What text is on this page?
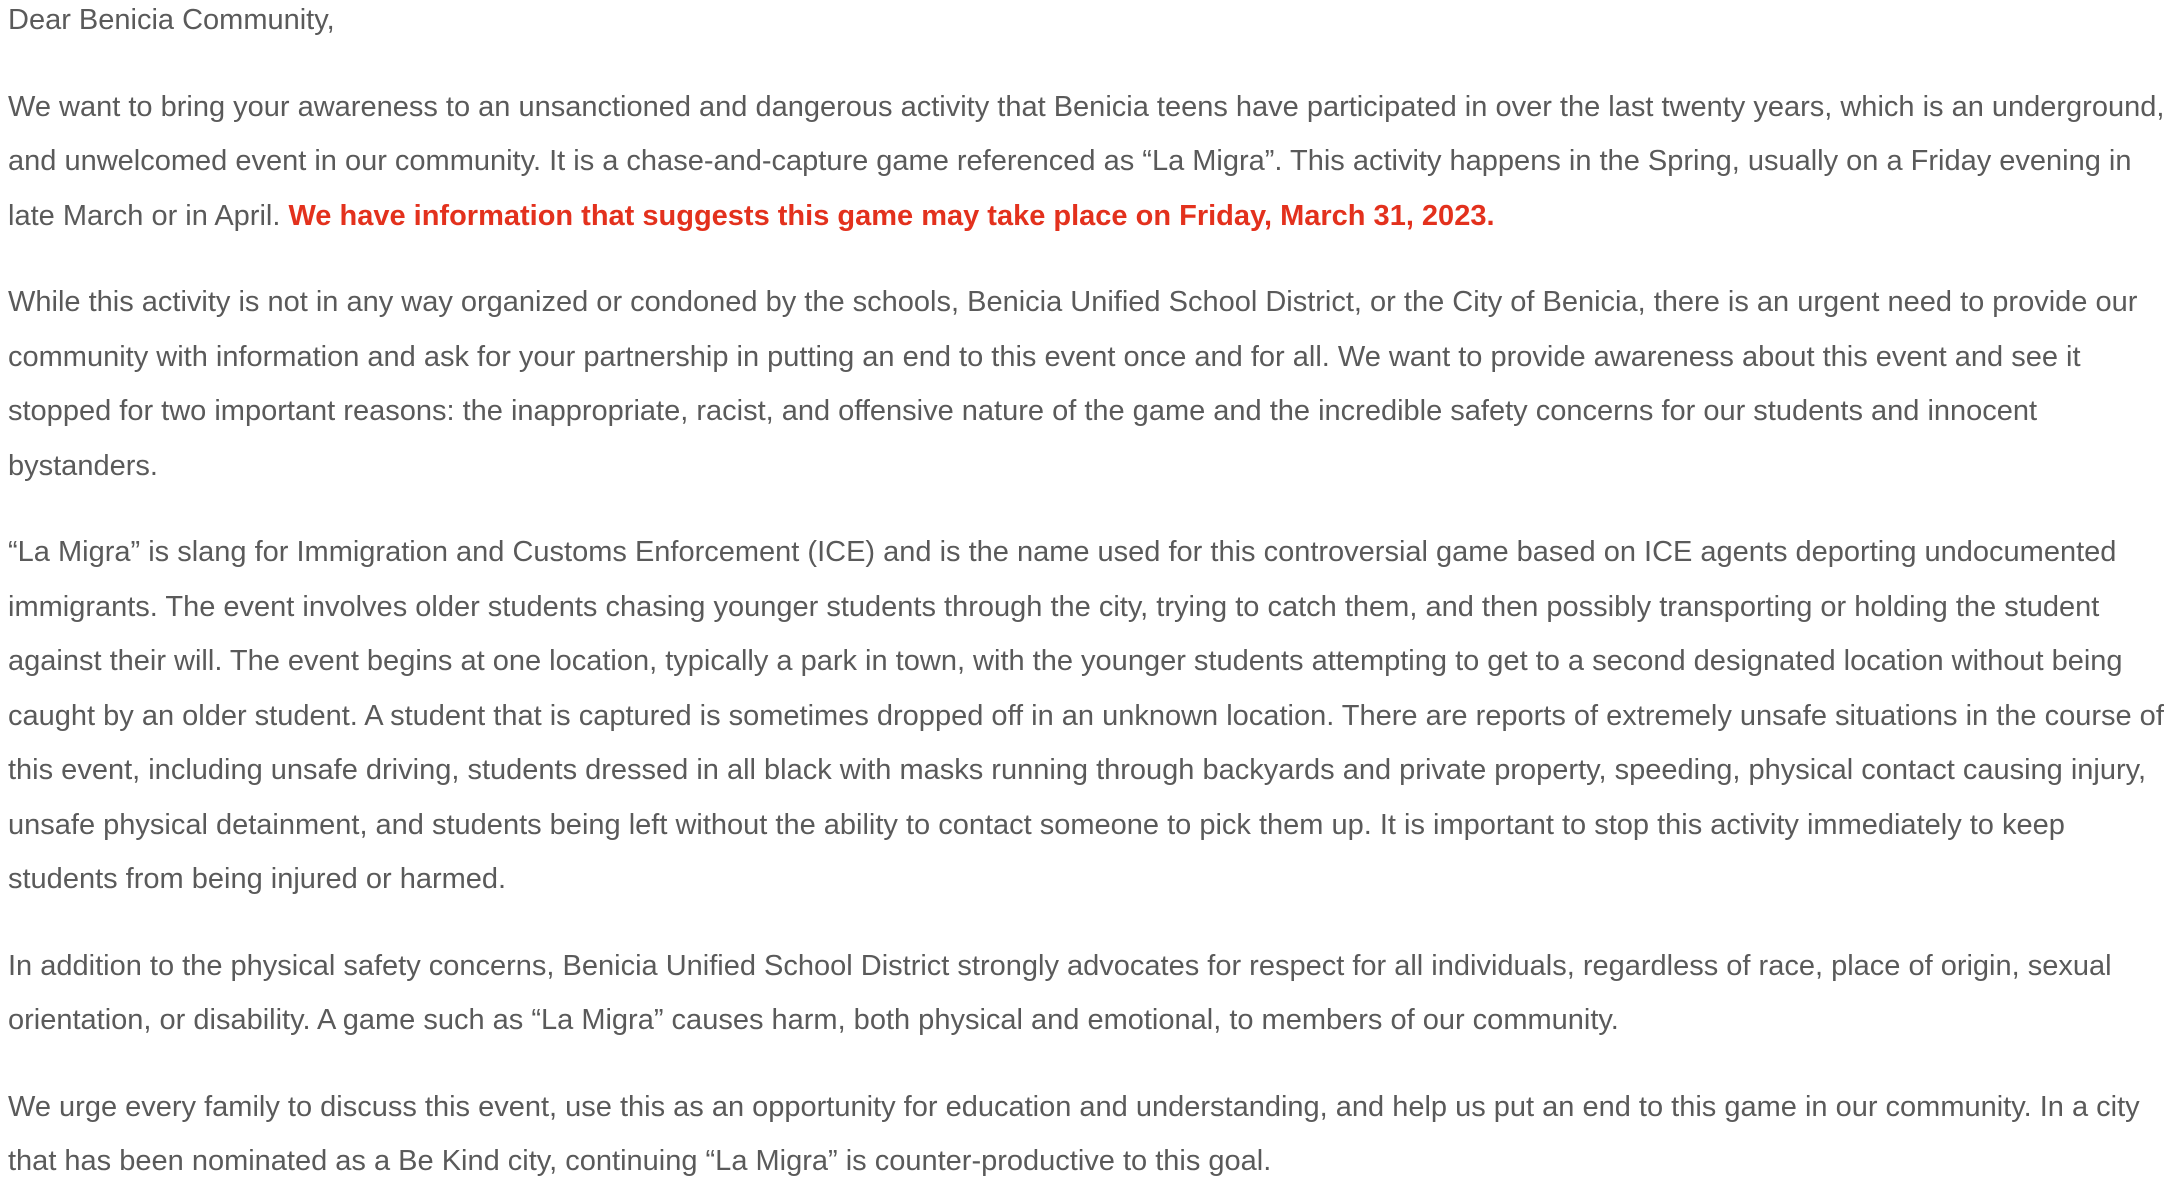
Dear Benicia Community,

We want to bring your awareness to an unsanctioned and dangerous activity that Benicia teens have participated in over the last twenty years, which is an underground, and unwelcomed event in our community. It is a chase-and-capture game referenced as “La Migra”. This activity happens in the Spring, usually on a Friday evening in late March or in April. We have information that suggests this game may take place on Friday, March 31, 2023.

While this activity is not in any way organized or condoned by the schools, Benicia Unified School District, or the City of Benicia, there is an urgent need to provide our community with information and ask for your partnership in putting an end to this event once and for all. We want to provide awareness about this event and see it stopped for two important reasons: the inappropriate, racist, and offensive nature of the game and the incredible safety concerns for our students and innocent bystanders.

“La Migra” is slang for Immigration and Customs Enforcement (ICE) and is the name used for this controversial game based on ICE agents deporting undocumented immigrants. The event involves older students chasing younger students through the city, trying to catch them, and then possibly transporting or holding the student against their will. The event begins at one location, typically a park in town, with the younger students attempting to get to a second designated location without being caught by an older student. A student that is captured is sometimes dropped off in an unknown location. There are reports of extremely unsafe situations in the course of this event, including unsafe driving, students dressed in all black with masks running through backyards and private property, speeding, physical contact causing injury, unsafe physical detainment, and students being left without the ability to contact someone to pick them up. It is important to stop this activity immediately to keep students from being injured or harmed.

In addition to the physical safety concerns, Benicia Unified School District strongly advocates for respect for all individuals, regardless of race, place of origin, sexual orientation, or disability. A game such as “La Migra” causes harm, both physical and emotional, to members of our community.

We urge every family to discuss this event, use this as an opportunity for education and understanding, and help us put an end to this game in our community. In a city that has been nominated as a Be Kind city, continuing “La Migra” is counter-productive to this goal.
